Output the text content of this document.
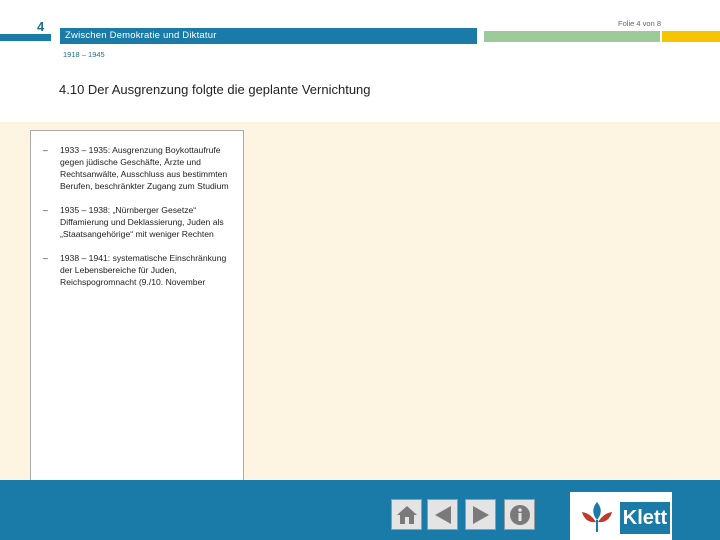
4
Zwischen Demokratie und Diktatur
Folie 4 von 8
1918 – 1945
4.10 Der Ausgrenzung folgte die geplante Vernichtung
– 1933 – 1935: Ausgrenzung Boykottaufrufe gegen jüdische Geschäfte, Ärzte und Rechtsanwälte, Ausschluss aus bestimmten Berufen, beschränkter Zugang zum Studium
– 1935 – 1938: „Nürnberger Gesetze“ Diffamierung und Deklassierung, Juden als „Staatsangehörige“ mit weniger Rechten
– 1938 – 1941: systematische Einschränkung der Lebensbereiche für Juden, Reichspogromnacht (9./10. November
Klett
